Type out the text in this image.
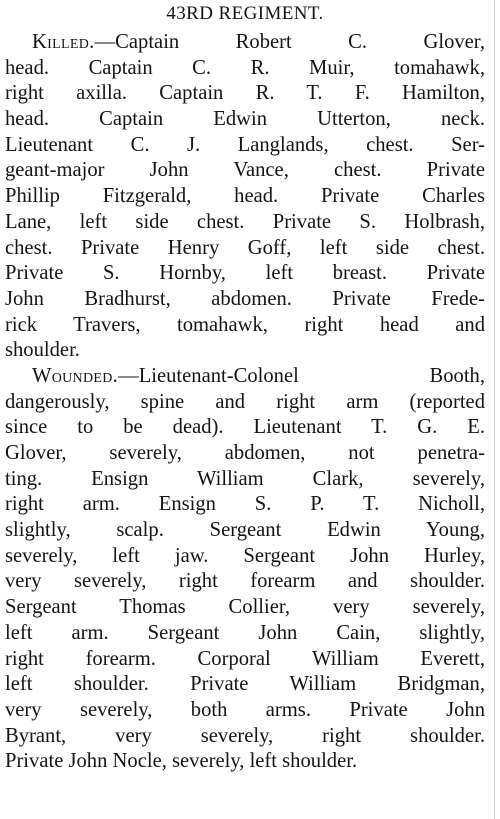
43RD REGIMENT.
Killed.—Captain Robert C. Glover,
head. Captain C. R. Muir, tomahawk,
right axilla. Captain R. T. F. Hamilton,
head. Captain Edwin Utterton, neck.
Lieutenant C. J. Langlands, chest. Ser-
geant-major John Vance, chest. Private
Phillip Fitzgerald, head. Private Charles
Lane, left side chest. Private S. Holbrash,
chest. Private Henry Goff, left side chest.
Private S. Hornby, left breast. Private
John Bradhurst, abdomen. Private Frede-
rick Travers, tomahawk, right head and
shoulder.
Wounded.—Lieutenant-Colonel Booth,
dangerously, spine and right arm (reported
since to be dead). Lieutenant T. G. E.
Glover, severely, abdomen, not penetra-
ting. Ensign William Clark, severely,
right arm. Ensign S. P. T. Nicholl,
slightly, scalp. Sergeant Edwin Young,
severely, left jaw. Sergeant John Hurley,
very severely, right forearm and shoulder.
Sergeant Thomas Collier, very severely,
left arm. Sergeant John Cain, slightly,
right forearm. Corporal William Everett,
left shoulder. Private William Bridgman,
very severely, both arms. Private John
Byrant, very severely, right shoulder.
Private John Nocle, severely, left shoulder.
